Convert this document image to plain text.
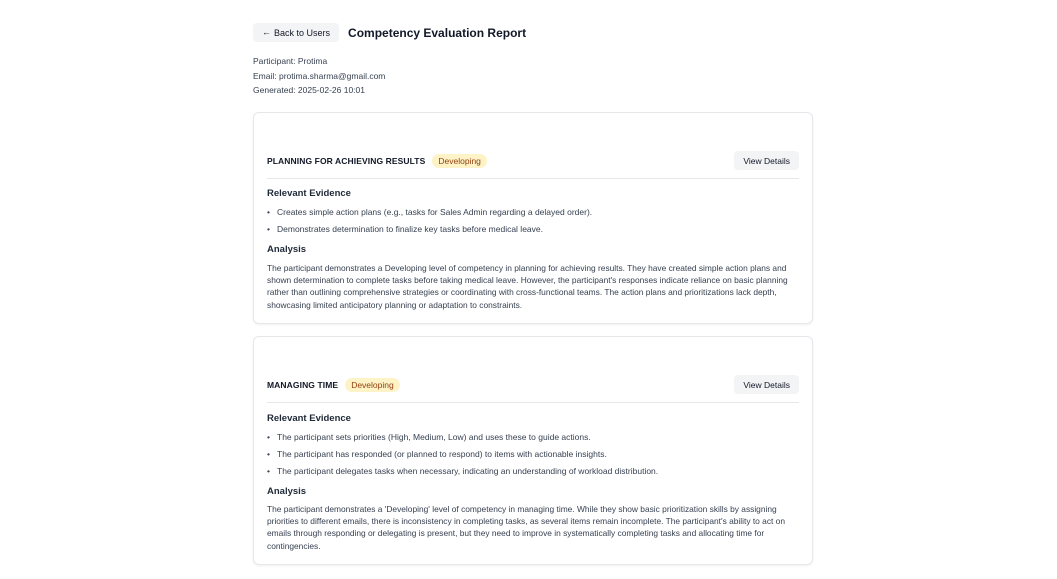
← Back to Users Competency Evaluation Report
Participant: Protima
Email: protima.sharma@gmail.com
Generated: 2025-02-26 10:01
PLANNING FOR ACHIEVING RESULTS	Developing	View Details
Relevant Evidence
• Creates simple action plans (e.g., tasks for Sales Admin regarding a delayed order).
• Demonstrates determination to finalize key tasks before medical leave.
Analysis

The participant demonstrates a Developing level of competency in planning for achieving results. They have created simple action plans and shown determination to complete tasks before taking medical leave. However, the participant's responses indicate reliance on basic planning rather than outlining comprehensive strategies or coordinating with cross-functional teams. The action plans and prioritizations lack depth, showcasing limited anticipatory planning or adaptation to constraints.

MANAGING TIME	Developing	View Details
Relevant Evidence
• The participant sets priorities (High, Medium, Low) and uses these to guide actions.
• The participant has responded (or planned to respond) to items with actionable insights.
• The participant delegates tasks when necessary, indicating an understanding of workload distribution.
Analysis

The participant demonstrates a 'Developing' level of competency in managing time. While they show basic prioritization skills by assigning priorities to different emails, there is inconsistency in completing tasks, as several items remain incomplete. The participant's ability to act on emails through responding or delegating is present, but they need to improve in systematically completing tasks and allocating time for contingencies.
